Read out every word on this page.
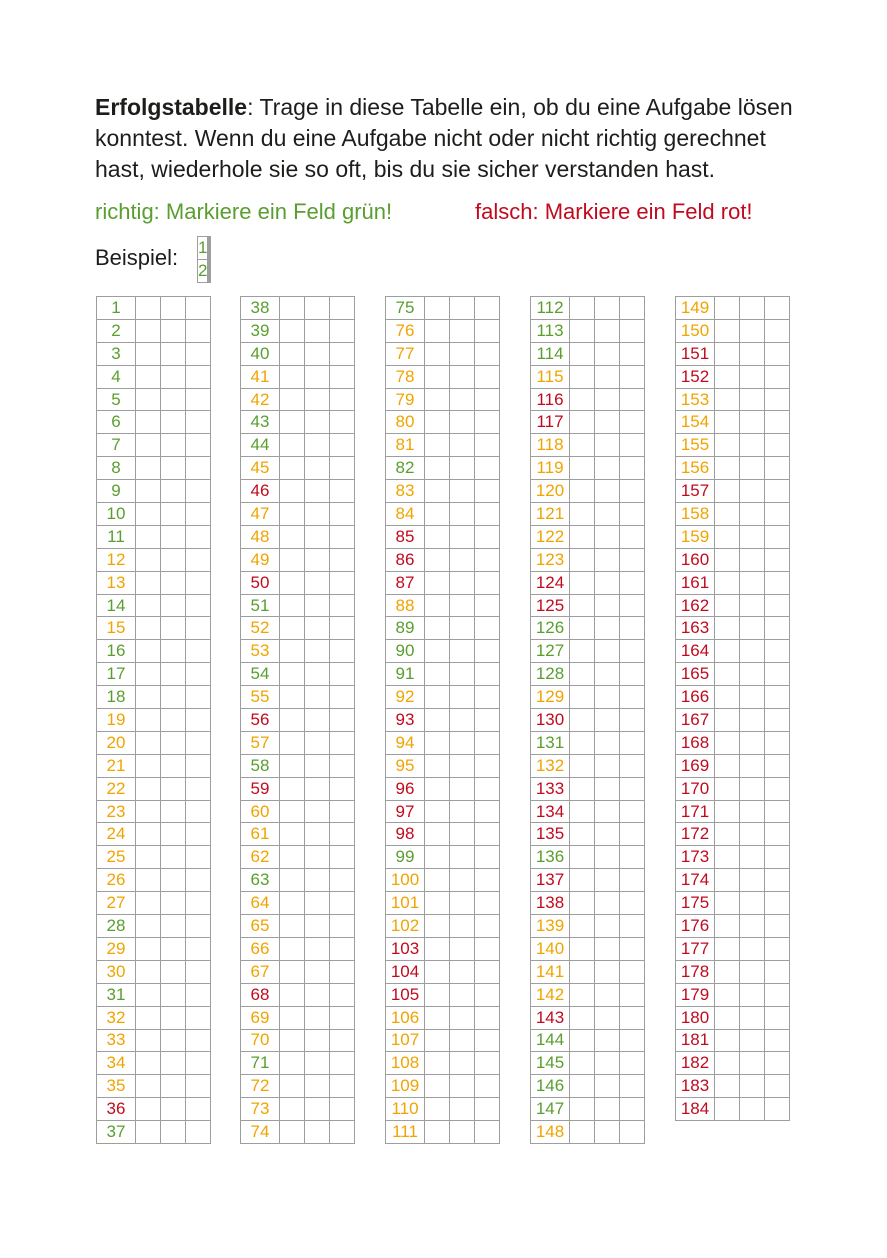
Erfolgstabelle: Trage in diese Tabelle ein, ob du eine Aufgabe lösen
konntest. Wenn du eine Aufgabe nicht oder nicht richtig gerechnet
hast, wiederhole sie so oft, bis du sie sicher verstanden hast.

richtig: Markiere ein Feld grün!	falsch: Markiere ein Feld rot!
Beispiel: 1			
2			
1			
2			
3			
4			
5			
6			
7			
8			
9			
10			
11			
12			
13			
14			
15			
16			
17			
18			
19			
20			
21			
22			
23			
24			
25			
26			
27			
28			
29			
30			
31			
32			
33			
34			
35			
36			
37			
38			
39			
40			
41			
42			
43			
44			
45			
46			
47			
48			
49			
50			
51			
52			
53			
54			
55			
56			
57			
58			
59			
60			
61			
62			
63			
64			
65			
66			
67			
68			
69			
70			
71			
72			
73			
74			
75			
76			
77			
78			
79			
80			
81			
82			
83			
84			
85			
86			
87			
88			
89			
90			
91			
92			
93			
94			
95			
96			
97			
98			
99			
100			
101			
102			
103			
104			
105			
106			
107			
108			
109			
110			
111			
112			
113			
114			
115			
116			
117			
118			
119			
120			
121			
122			
123			
124			
125			
126			
127			
128			
129			
130			
131			
132			
133			
134			
135			
136			
137			
138			
139			
140			
141			
142			
143			
144			
145			
146			
147			
148			
149			
150			
151			
152			
153			
154			
155			
156			
157			
158			
159			
160			
161			
162			
163			
164			
165			
166			
167			
168			
169			
170			
171			
172			
173			
174			
175			
176			
177			
178			
179			
180			
181			
182			
183			
184			
